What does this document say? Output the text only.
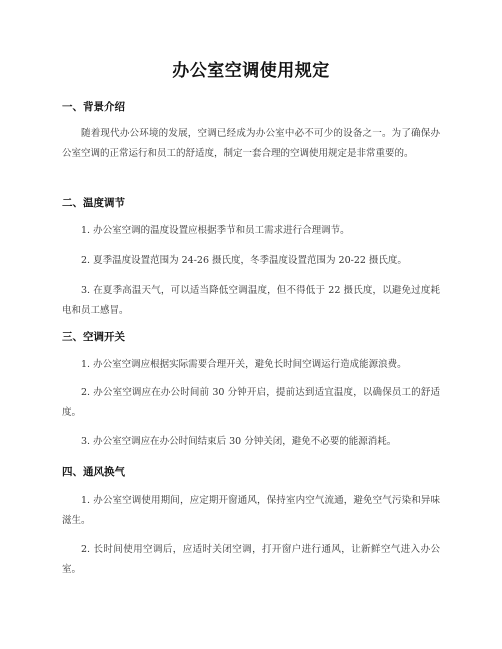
办公室空调使用规定
一、背景介绍
随着现代办公环境的发展，空调已经成为办公室中必不可少的设备之一。为了确保办公室空调的正常运行和员工的舒适度，制定一套合理的空调使用规定是非常重要的。
二、温度调节
1. 办公室空调的温度设置应根据季节和员工需求进行合理调节。
2. 夏季温度设置范围为 24-26 摄氏度，冬季温度设置范围为 20-22 摄氏度。
3. 在夏季高温天气，可以适当降低空调温度，但不得低于 22 摄氏度，以避免过度耗电和员工感冒。
三、空调开关
1. 办公室空调应根据实际需要合理开关，避免长时间空调运行造成能源浪费。
2. 办公室空调应在办公时间前 30 分钟开启，提前达到适宜温度，以确保员工的舒适度。
3. 办公室空调应在办公时间结束后 30 分钟关闭，避免不必要的能源消耗。
四、通风换气
1. 办公室空调使用期间，应定期开窗通风，保持室内空气流通，避免空气污染和异味滋生。
2. 长时间使用空调后，应适时关闭空调，打开窗户进行通风，让新鲜空气进入办公室。
